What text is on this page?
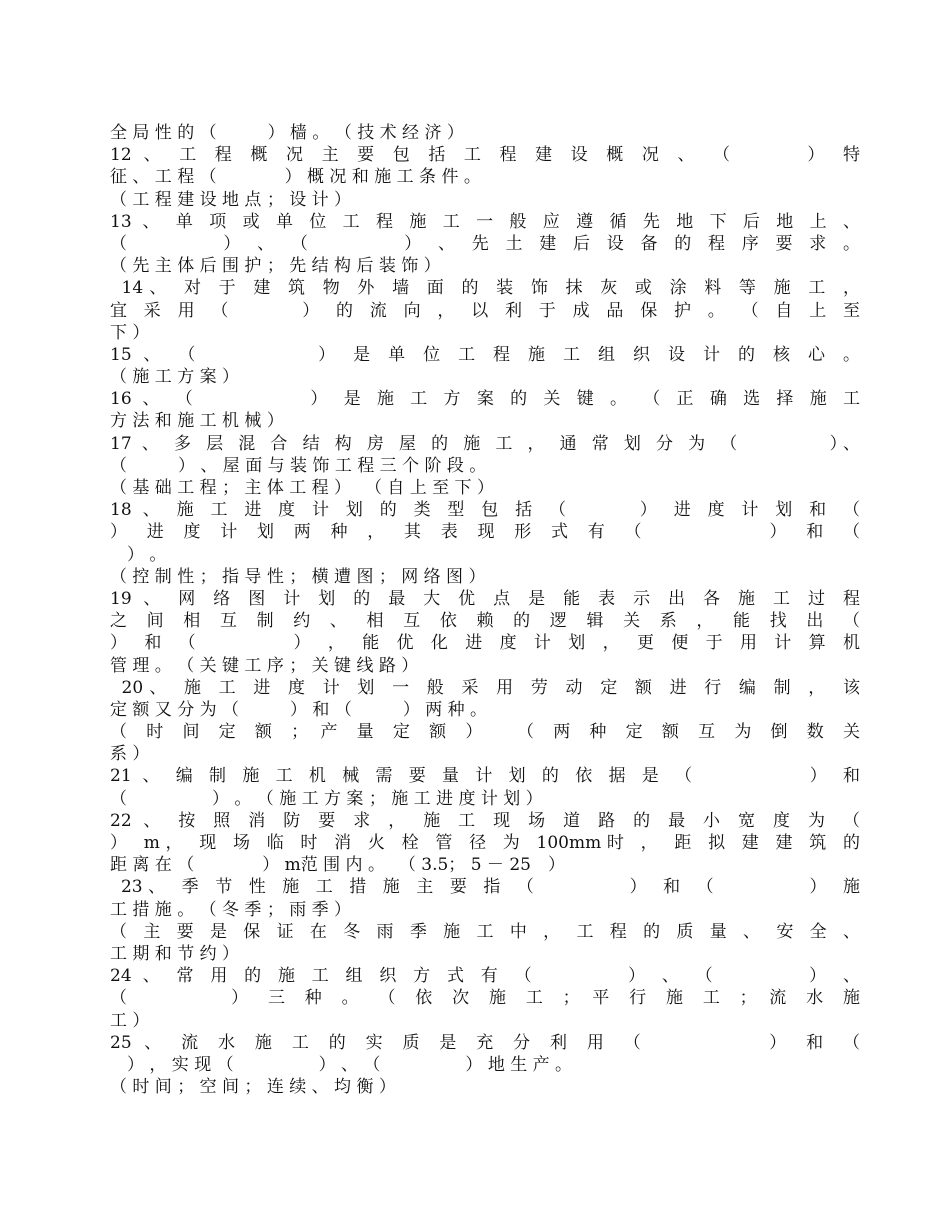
全 局 性 的 （　　　） 樯 。 （ 技 术 经 济 ）
12 、 工 程 概 况 主 要 包 括 工 程 建 设 概 况 、 （　　　） 特
征 、 工 程 （　　　　） 概 况 和 施 工 条 件 。
（ 工 程 建 设 地 点 ； 设 计 ）
13 、 单 项 或 单 位 工 程 施 工 一 般 应 遵 循 先 地 下 后 地 上 、
（　　　　） 、 （　　　　） 、 先 土 建 后 设 备 的 程 序 要 求 。
（ 先 主 体 后 围 护 ； 先 结 构 后 装 饰 ）
14、 对 于 建 筑 物 外 墙 面 的 装 饰 抹 灰 或 涂 料 等 施 工 ，
宜 采 用 （　　　） 的 流 向 ， 以 利 于 成 品 保 护 。 （ 自 上 至
下 ）
15 、 （　　　　　） 是 单 位 工 程 施 工 组 织 设 计 的 核 心 。
（ 施 工 方 案 ）
16 、 （　　　　　） 是 施 工 方 案 的 关 键 。 （ 正 确 选 择 施 工
方 法 和 施 工 机 械 ）
17 、 多 层 混 合 结 构 房 屋 的 施 工 ， 通 常 划 分 为 （　　　　）、
（　　　） 、 屋 面 与 装 饰 工 程 三 个 阶 段 。
（ 基 础 工 程 ； 主 体 工 程 ）　 （ 自 上 至 下 ）
18 、 施 工 进 度 计 划 的 类 型 包 括 （　　　） 进 度 计 划 和 （
） 进 度 计 划 两 种 ， 其 表 现 形 式 有 （　　　　　） 和 （
　） 。
（ 控 制 性 ； 指 导 性 ； 横 遭 图 ； 网 络 图 ）
19 、 网 络 图 计 划 的 最 大 优 点 是 能 表 示 出 各 施 工 过 程
之 间 相 互 制 约 、 相 互 依 赖 的 逻 辑 关 系 ， 能 找 出 （
） 和 （　　　　） ， 能 优 化 进 度 计 划 ， 更 便 于 用 计 算 机
管 理 。 （ 关 键 工 序 ； 关 键 线 路 ）
20、 施 工 进 度 计 划 一 般 采 用 劳 动 定 额 进 行 编 制 ， 该
定 额 又 分 为 （　　　） 和 （　　　） 两 种 。
（ 时 间 定 额 ； 产 量 定 额 ）　 （ 两 种 定 额 互 为 倒 数 关
系 ）
21 、 编 制 施 工 机 械 需 要 量 计 划 的 依 据 是 （　　　　　） 和
（　　　　　） 。 （ 施 工 方 案 ； 施 工 进 度 计 划 ）
22 、 按 照 消 防 要 求 ， 施 工 现 场 道 路 的 最 小 宽 度 为 （
） m， 现 场 临 时 消 火 栓 管 径 为 100mm时 ， 距 拟 建 建 筑 的
距 离 在 （　　　　） m范 围 内 。　 （ 3.5； 5 － 25　）
23、 季 节 性 施 工 措 施 主 要 指 （　　　　） 和 （　　　　） 施
工 措 施 。 （ 冬 季 ； 雨 季 ）
（ 主 要 是 保 证 在 冬 雨 季 施 工 中 ， 工 程 的 质 量 、 安 全 、
工 期 和 节 约 ）
24 、 常 用 的 施 工 组 织 方 式 有 （　　　　） 、 （　　　　） 、
（　　　　） 三 种 。 （ 依 次 施 工 ； 平 行 施 工 ； 流 水 施
工 ）
25 、 流 水 施 工 的 实 质 是 充 分 利 用 （　　　　　） 和 （
　） ， 实 现 （　　　　　） 、 （　　　　　） 地 生 产 。
（ 时 间 ； 空 间 ； 连 续 、 均 衡 ）
